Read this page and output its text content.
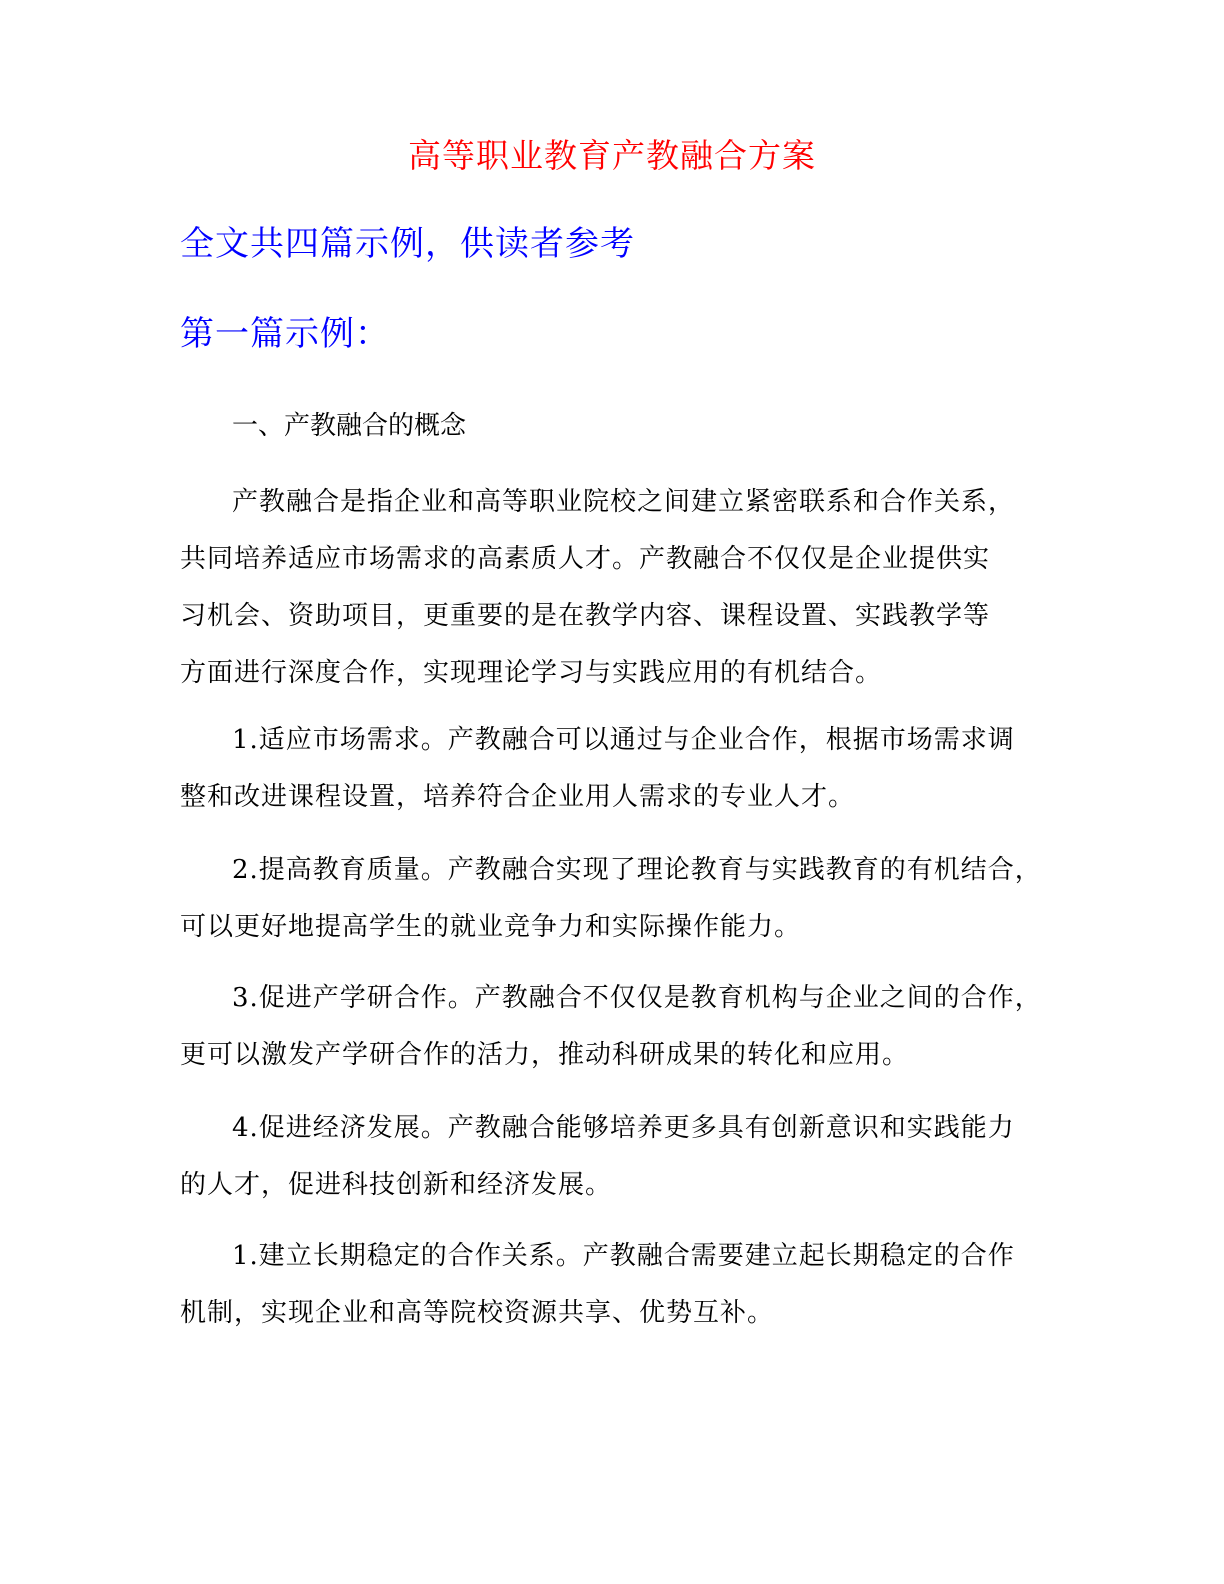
高等职业教育产教融合方案
全文共四篇示例，供读者参考
第一篇示例：
一、产教融合的概念
产教融合是指企业和高等职业院校之间建立紧密联系和合作关系，
共同培养适应市场需求的高素质人才。产教融合不仅仅是企业提供实
习机会、资助项目，更重要的是在教学内容、课程设置、实践教学等
方面进行深度合作，实现理论学习与实践应用的有机结合。
1.适应市场需求。产教融合可以通过与企业合作，根据市场需求调
整和改进课程设置，培养符合企业用人需求的专业人才。
2.提高教育质量。产教融合实现了理论教育与实践教育的有机结合，
可以更好地提高学生的就业竞争力和实际操作能力。
3.促进产学研合作。产教融合不仅仅是教育机构与企业之间的合作，
更可以激发产学研合作的活力，推动科研成果的转化和应用。
4.促进经济发展。产教融合能够培养更多具有创新意识和实践能力
的人才，促进科技创新和经济发展。
1.建立长期稳定的合作关系。产教融合需要建立起长期稳定的合作
机制，实现企业和高等院校资源共享、优势互补。
